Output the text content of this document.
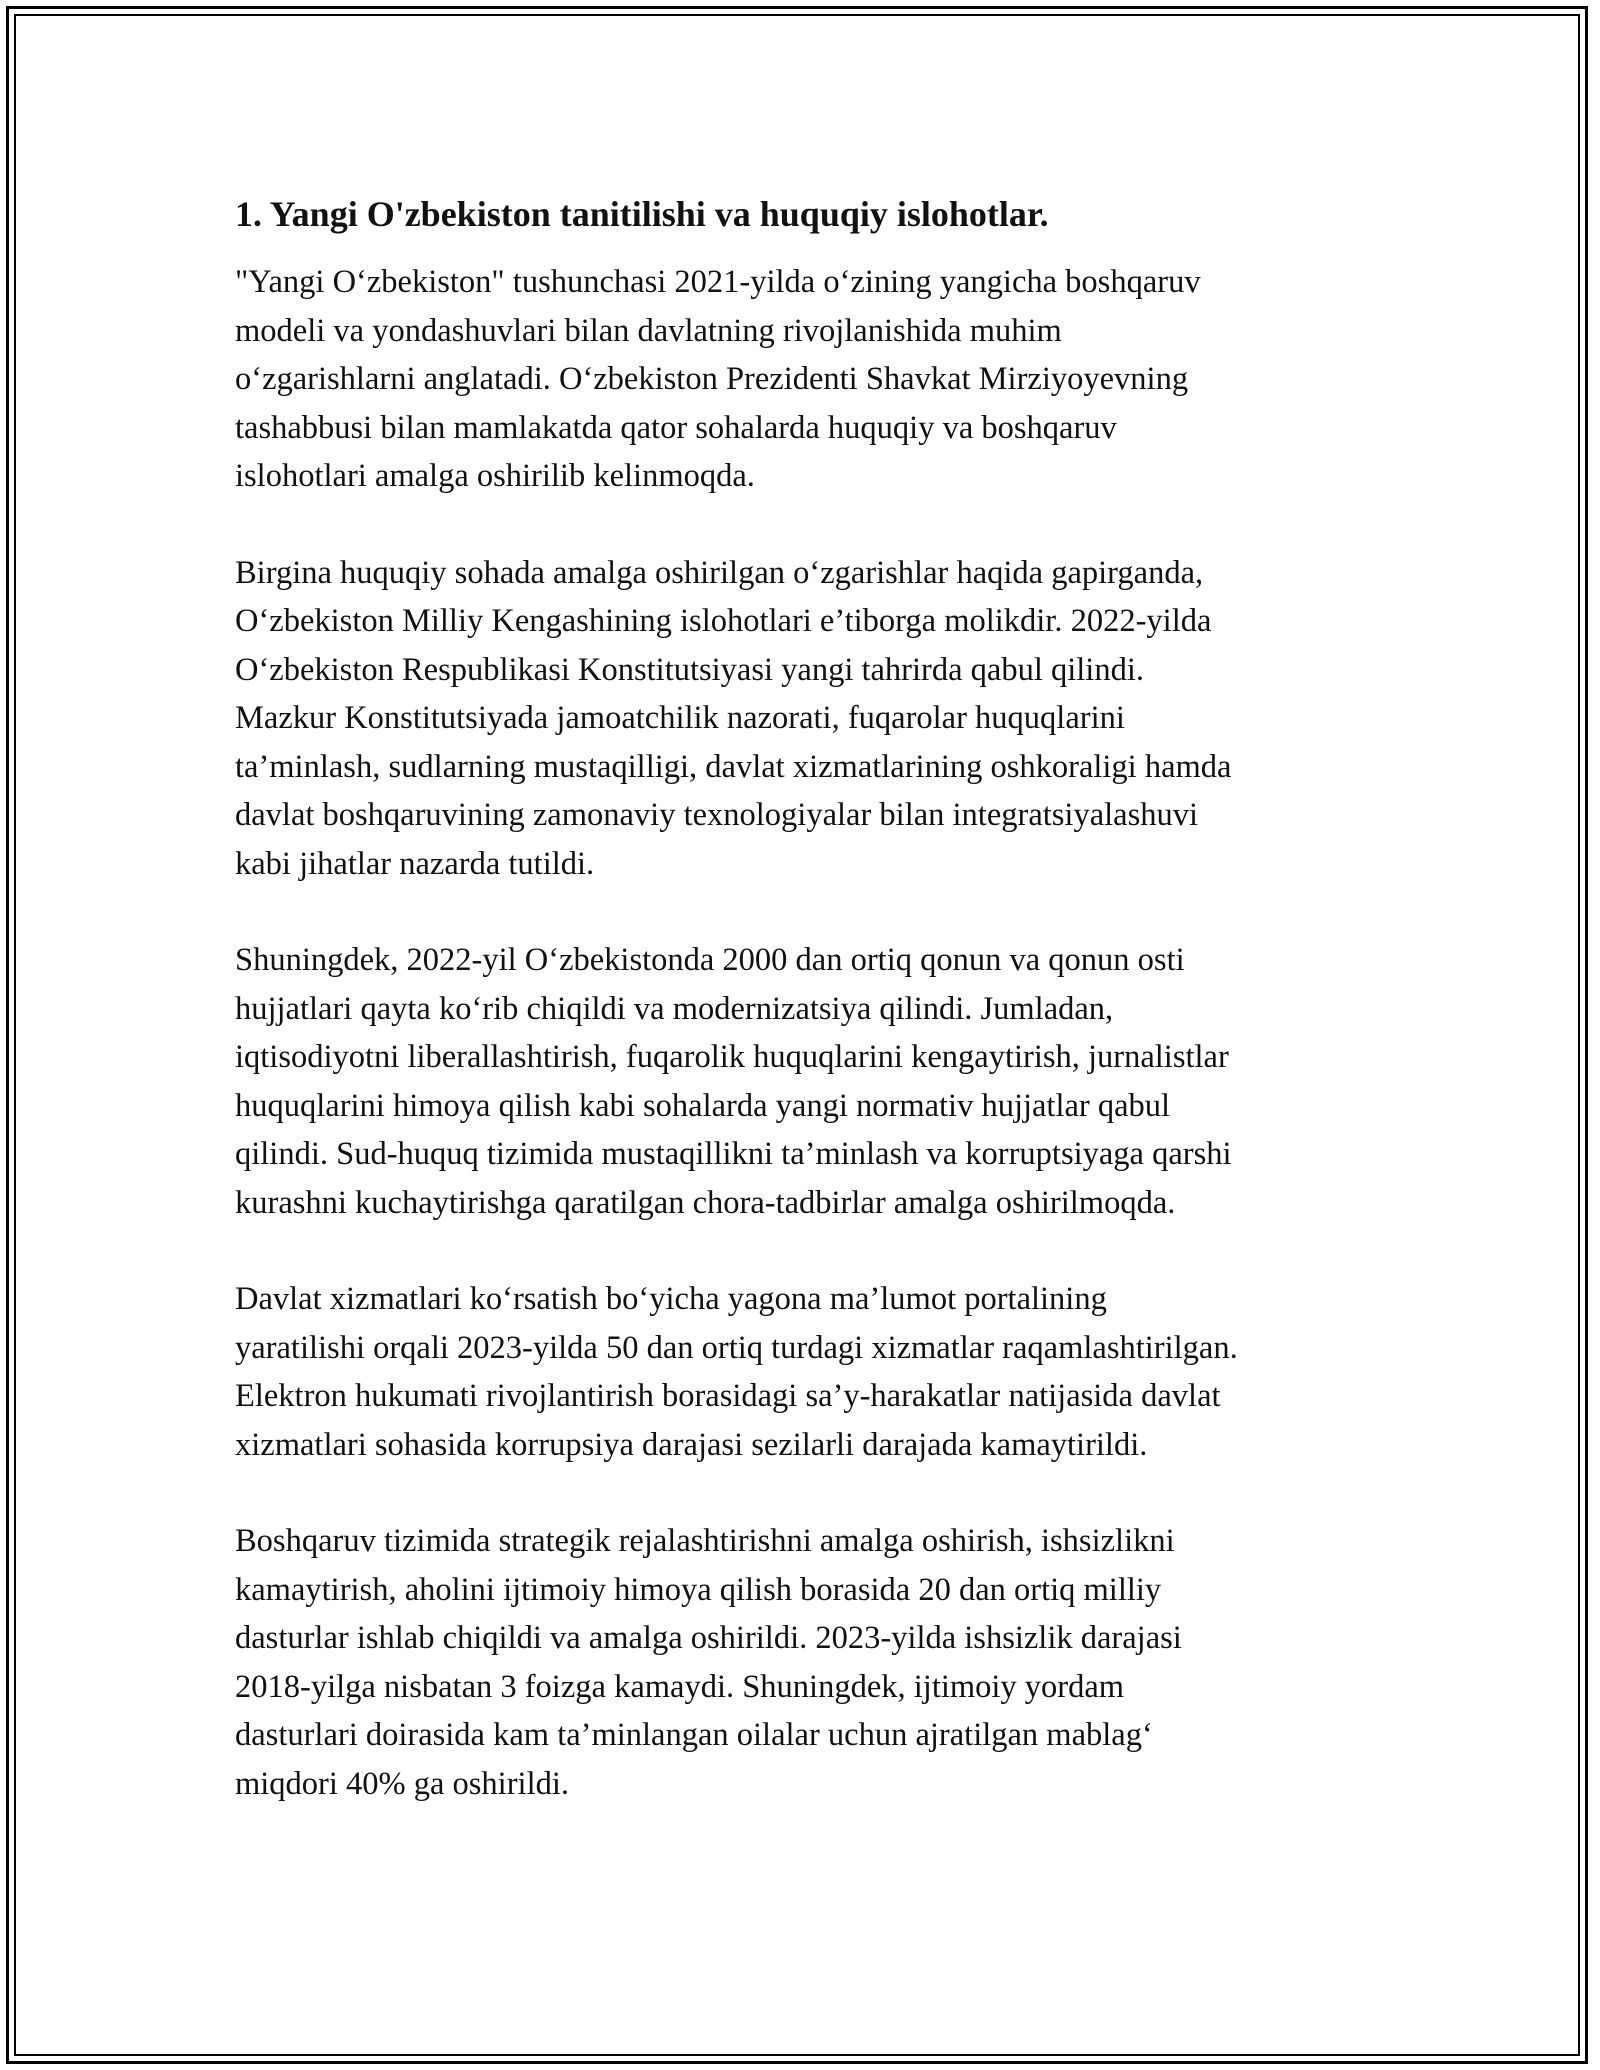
1. Yangi O'zbekiston tanitilishi va huquqiy islohotlar.

"Yangi O‘zbekiston" tushunchasi 2021-yilda o‘zining yangicha boshqaruv
modeli va yondashuvlari bilan davlatning rivojlanishida muhim
o‘zgarishlarni anglatadi. O‘zbekiston Prezidenti Shavkat Mirziyoyevning
tashabbusi bilan mamlakatda qator sohalarda huquqiy va boshqaruv
islohotlari amalga oshirilib kelinmoqda.

Birgina huquqiy sohada amalga oshirilgan o‘zgarishlar haqida gapirganda,
O‘zbekiston Milliy Kengashining islohotlari e’tiborga molikdir. 2022-yilda
O‘zbekiston Respublikasi Konstitutsiyasi yangi tahrirda qabul qilindi.
Mazkur Konstitutsiyada jamoatchilik nazorati, fuqarolar huquqlarini
ta’minlash, sudlarning mustaqilligi, davlat xizmatlarining oshkoraligi hamda
davlat boshqaruvining zamonaviy texnologiyalar bilan integratsiyalashuvi
kabi jihatlar nazarda tutildi.

Shuningdek, 2022-yil O‘zbekistonda 2000 dan ortiq qonun va qonun osti
hujjatlari qayta ko‘rib chiqildi va modernizatsiya qilindi. Jumladan,
iqtisodiyotni liberallashtirish, fuqarolik huquqlarini kengaytirish, jurnalistlar
huquqlarini himoya qilish kabi sohalarda yangi normativ hujjatlar qabul
qilindi. Sud-huquq tizimida mustaqillikni ta’minlash va korruptsiyaga qarshi
kurashni kuchaytirishga qaratilgan chora-tadbirlar amalga oshirilmoqda.

Davlat xizmatlari ko‘rsatish bo‘yicha yagona ma’lumot portalining
yaratilishi orqali 2023-yilda 50 dan ortiq turdagi xizmatlar raqamlashtirilgan.
Elektron hukumati rivojlantirish borasidagi sa’y-harakatlar natijasida davlat
xizmatlari sohasida korrupsiya darajasi sezilarli darajada kamaytirildi.

Boshqaruv tizimida strategik rejalashtirishni amalga oshirish, ishsizlikni
kamaytirish, aholini ijtimoiy himoya qilish borasida 20 dan ortiq milliy
dasturlar ishlab chiqildi va amalga oshirildi. 2023-yilda ishsizlik darajasi
2018-yilga nisbatan 3 foizga kamaydi. Shuningdek, ijtimoiy yordam
dasturlari doirasida kam ta’minlangan oilalar uchun ajratilgan mablag‘
miqdori 40% ga oshirildi.
